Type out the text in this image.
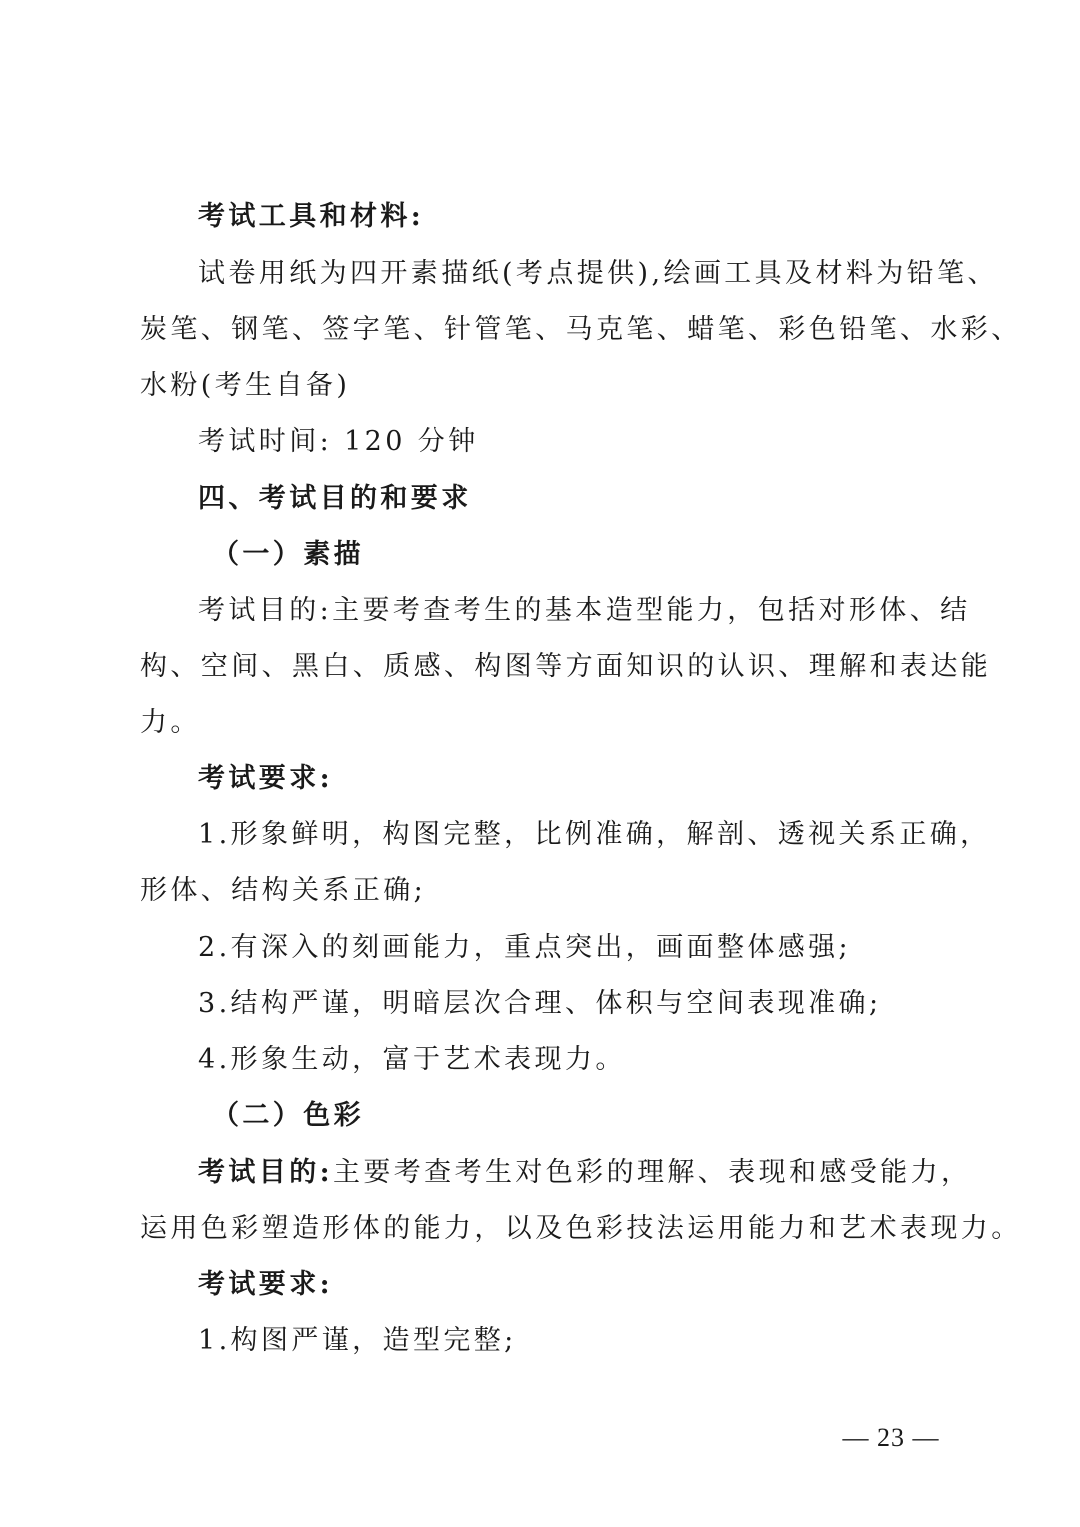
考试工具和材料:
试卷用纸为四开素描纸(考点提供),绘画工具及材料为铅笔、
炭笔、钢笔、签字笔、针管笔、马克笔、蜡笔、彩色铅笔、水彩、
水粉(考生自备)
考试时间: 120 分钟
四、考试目的和要求
（一）素描
考试目的:主要考查考生的基本造型能力，包括对形体、结
构、空间、黑白、质感、构图等方面知识的认识、理解和表达能
力。
考试要求:
1.形象鲜明，构图完整，比例准确，解剖、透视关系正确，
形体、结构关系正确;
2.有深入的刻画能力，重点突出，画面整体感强;
3.结构严谨，明暗层次合理、体积与空间表现准确;
4.形象生动，富于艺术表现力。
（二）色彩
考试目的:主要考查考生对色彩的理解、表现和感受能力，
运用色彩塑造形体的能力，以及色彩技法运用能力和艺术表现力。
考试要求:
1.构图严谨，造型完整;
— 23 —
